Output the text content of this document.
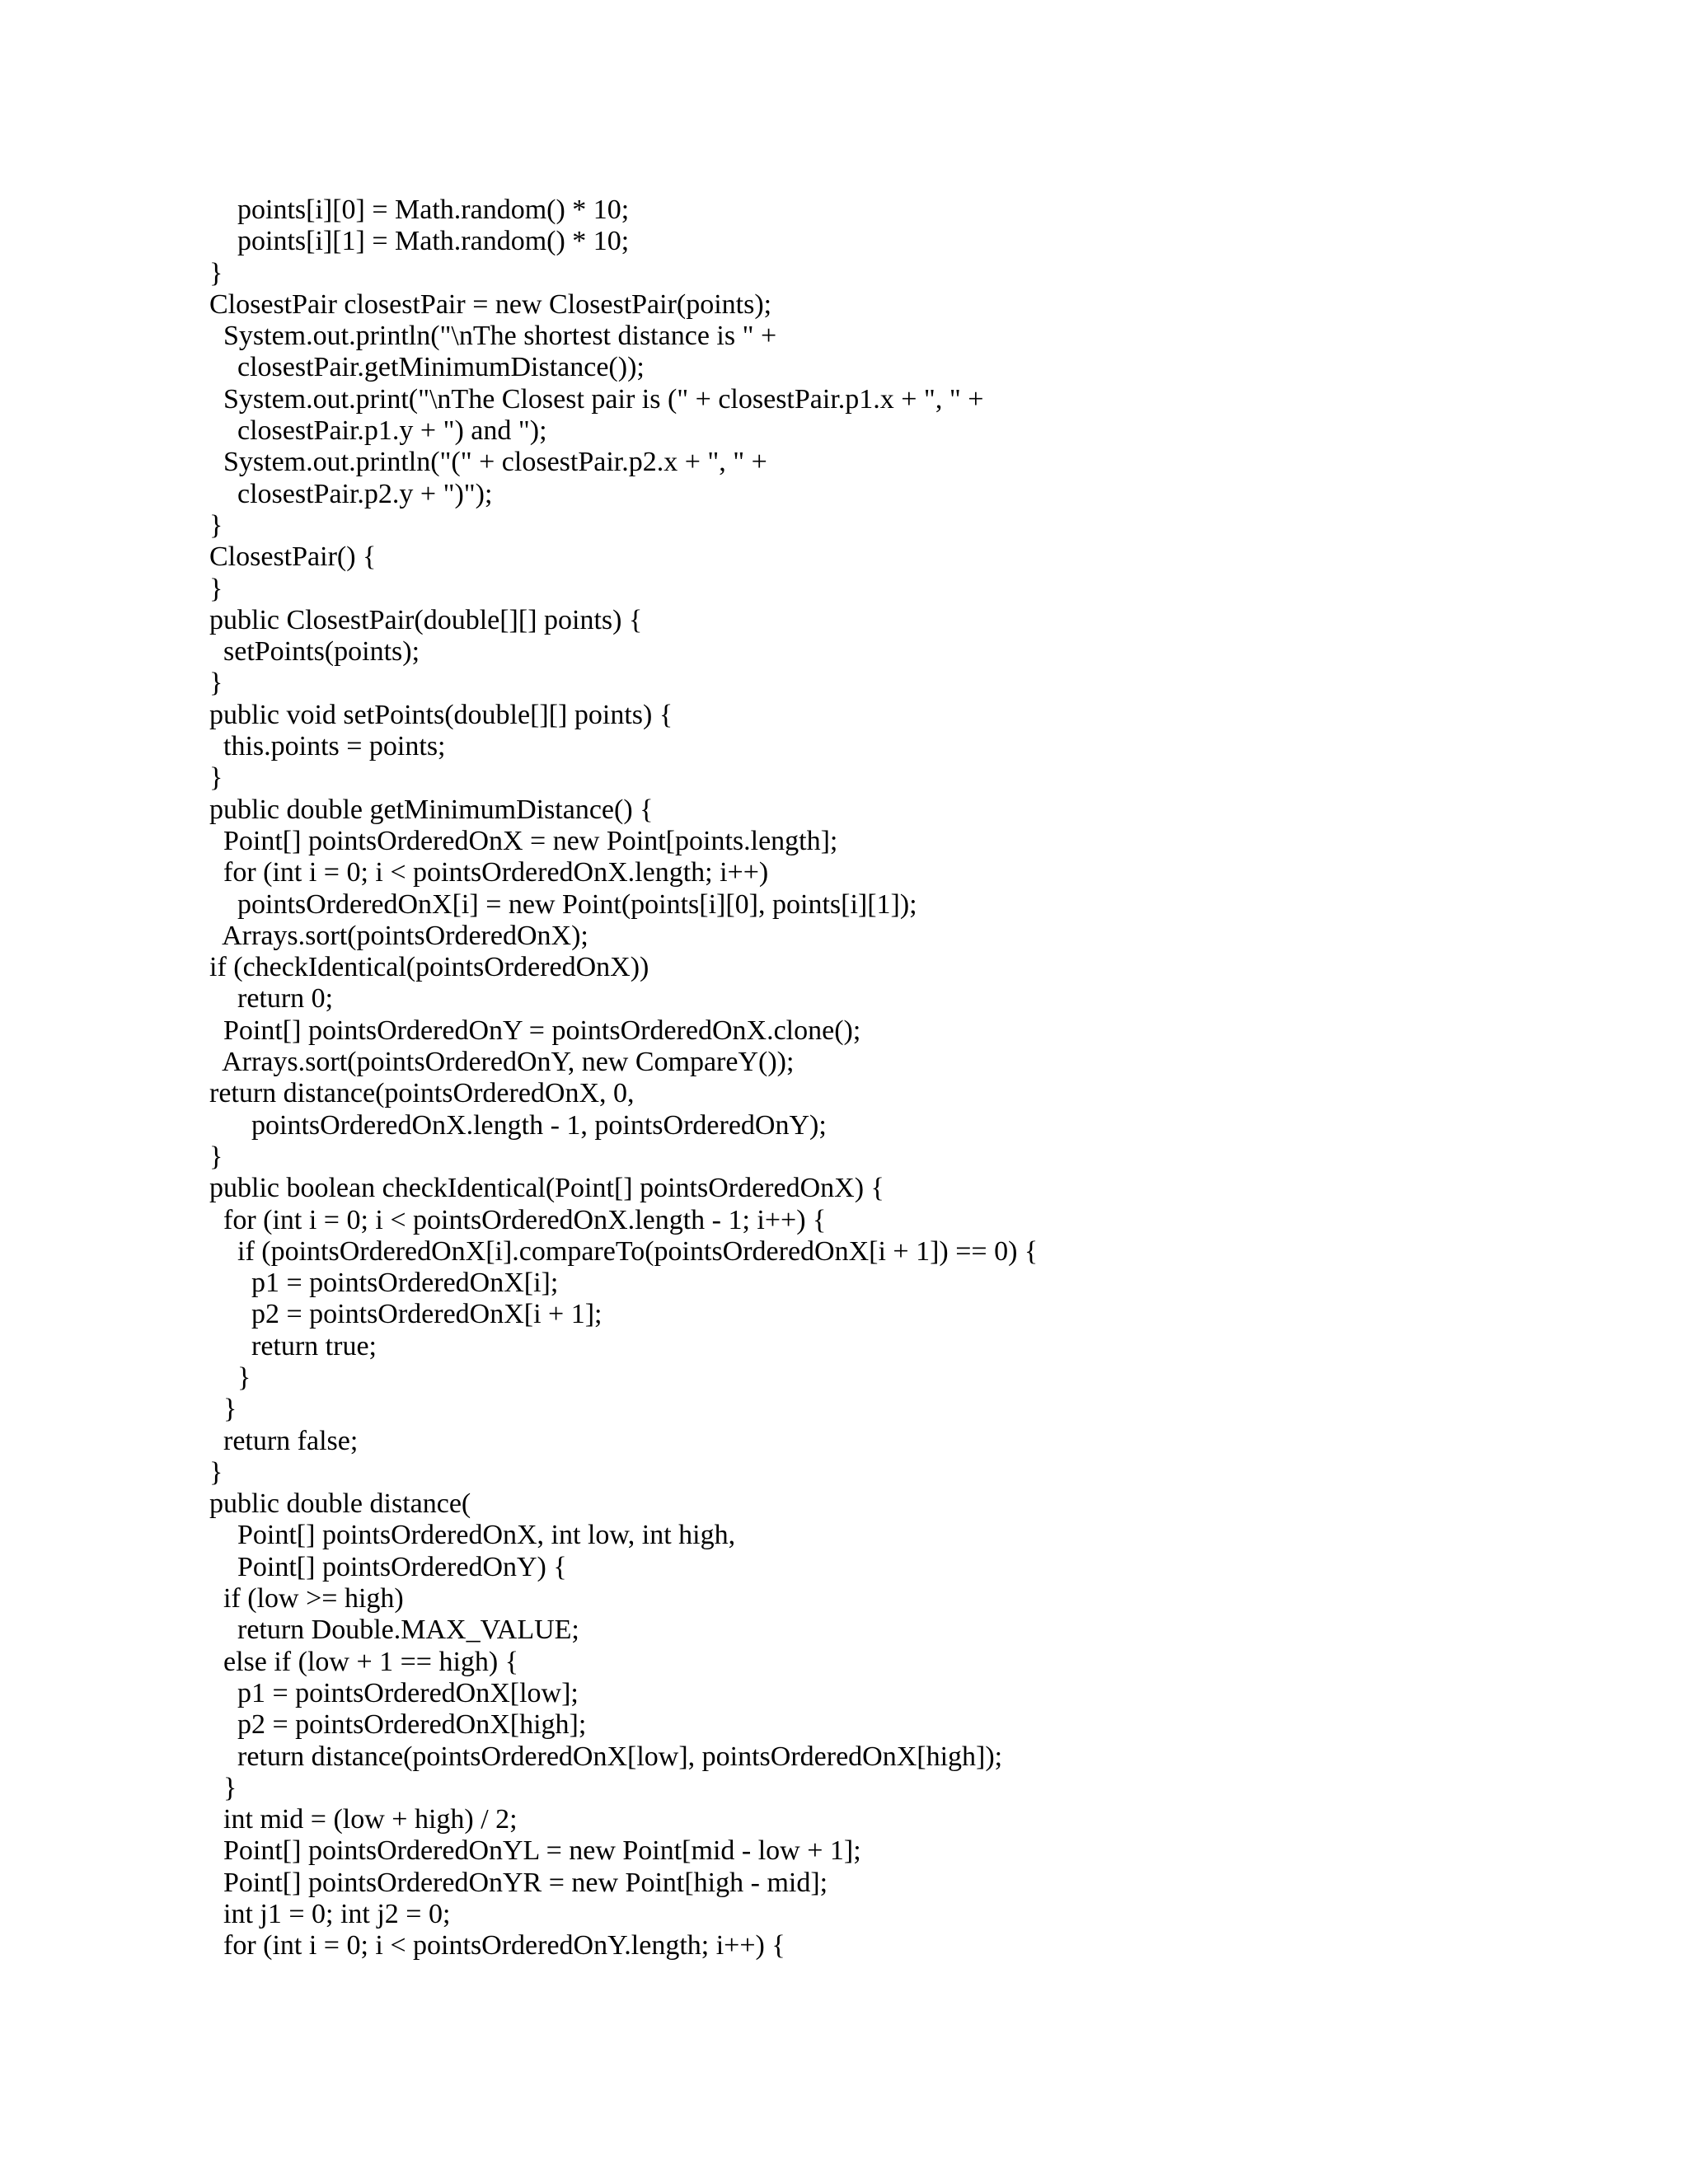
points[i][0] = Math.random() * 10;
points[i][1] = Math.random() * 10;
}
ClosestPair closestPair = new ClosestPair(points);
System.out.println("\nThe shortest distance is " +
closestPair.getMinimumDistance());
System.out.print("\nThe Closest pair is (" + closestPair.p1.x + ", " +
closestPair.p1.y + ") and ");
System.out.println("(" + closestPair.p2.x + ", " +
closestPair.p2.y + ")");
}
ClosestPair() {
}
public ClosestPair(double[][] points) {
setPoints(points);
}
public void setPoints(double[][] points) {
this.points = points;
}
public double getMinimumDistance() {
Point[] pointsOrderedOnX = new Point[points.length];
for (int i = 0; i < pointsOrderedOnX.length; i++)
pointsOrderedOnX[i] = new Point(points[i][0], points[i][1]);
Arrays.sort(pointsOrderedOnX);
if (checkIdentical(pointsOrderedOnX))
return 0;
Point[] pointsOrderedOnY = pointsOrderedOnX.clone();
Arrays.sort(pointsOrderedOnY, new CompareY());
return distance(pointsOrderedOnX, 0,
pointsOrderedOnX.length - 1, pointsOrderedOnY);
}
public boolean checkIdentical(Point[] pointsOrderedOnX) {
for (int i = 0; i < pointsOrderedOnX.length - 1; i++) {
if (pointsOrderedOnX[i].compareTo(pointsOrderedOnX[i + 1]) == 0) {
p1 = pointsOrderedOnX[i];
p2 = pointsOrderedOnX[i + 1];
return true;
}
}
return false;
}
public double distance(
Point[] pointsOrderedOnX, int low, int high,
Point[] pointsOrderedOnY) {
if (low >= high)
return Double.MAX_VALUE;
else if (low + 1 == high) {
p1 = pointsOrderedOnX[low];
p2 = pointsOrderedOnX[high];
return distance(pointsOrderedOnX[low], pointsOrderedOnX[high]);
}
int mid = (low + high) / 2;
Point[] pointsOrderedOnYL = new Point[mid - low + 1];
Point[] pointsOrderedOnYR = new Point[high - mid];
int j1 = 0; int j2 = 0;
for (int i = 0; i < pointsOrderedOnY.length; i++) {
